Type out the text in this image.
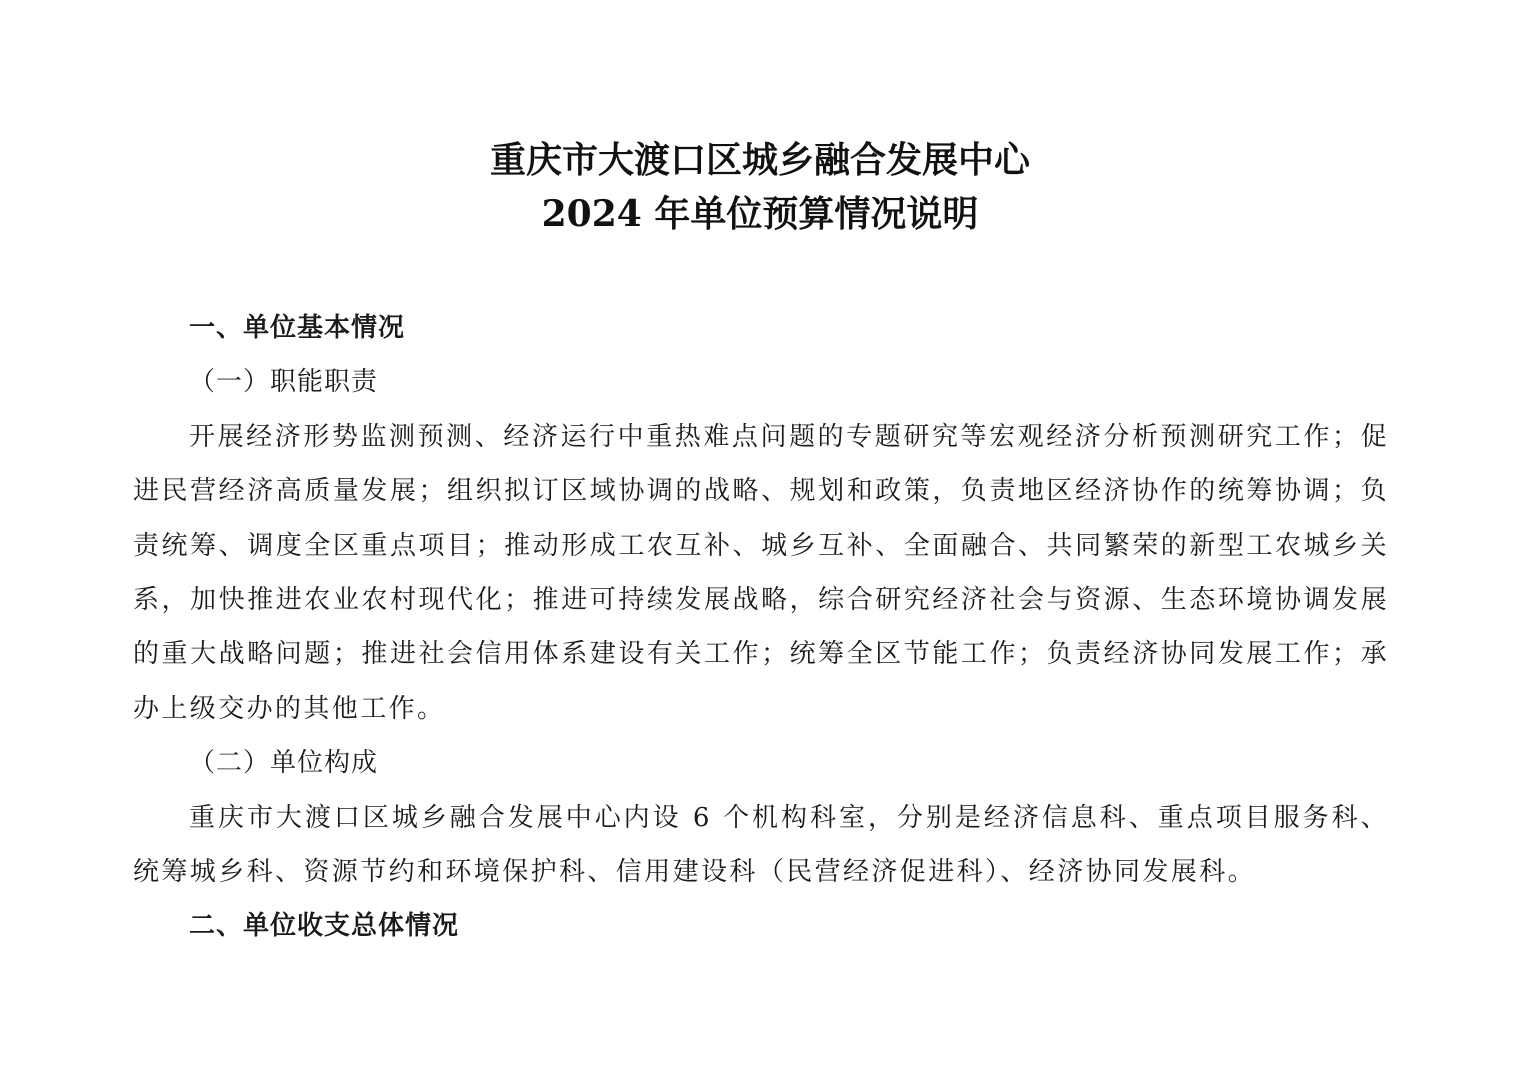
重庆市大渡口区城乡融合发展中心
2024 年单位预算情况说明

一、单位基本情况

（一）职能职责

开展经济形势监测预测、经济运行中重热难点问题的专题研究等宏观经济分析预测研究工作；促进民营经济高质量发展；组织拟订区域协调的战略、规划和政策，负责地区经济协作的统筹协调；负责统筹、调度全区重点项目；推动形成工农互补、城乡互补、全面融合、共同繁荣的新型工农城乡关系，加快推进农业农村现代化；推进可持续发展战略，综合研究经济社会与资源、生态环境协调发展的重大战略问题；推进社会信用体系建设有关工作；统筹全区节能工作；负责经济协同发展工作；承办上级交办的其他工作。

（二）单位构成

重庆市大渡口区城乡融合发展中心内设 6 个机构科室，分别是经济信息科、重点项目服务科、统筹城乡科、资源节约和环境保护科、信用建设科（民营经济促进科）、经济协同发展科。

二、单位收支总体情况
